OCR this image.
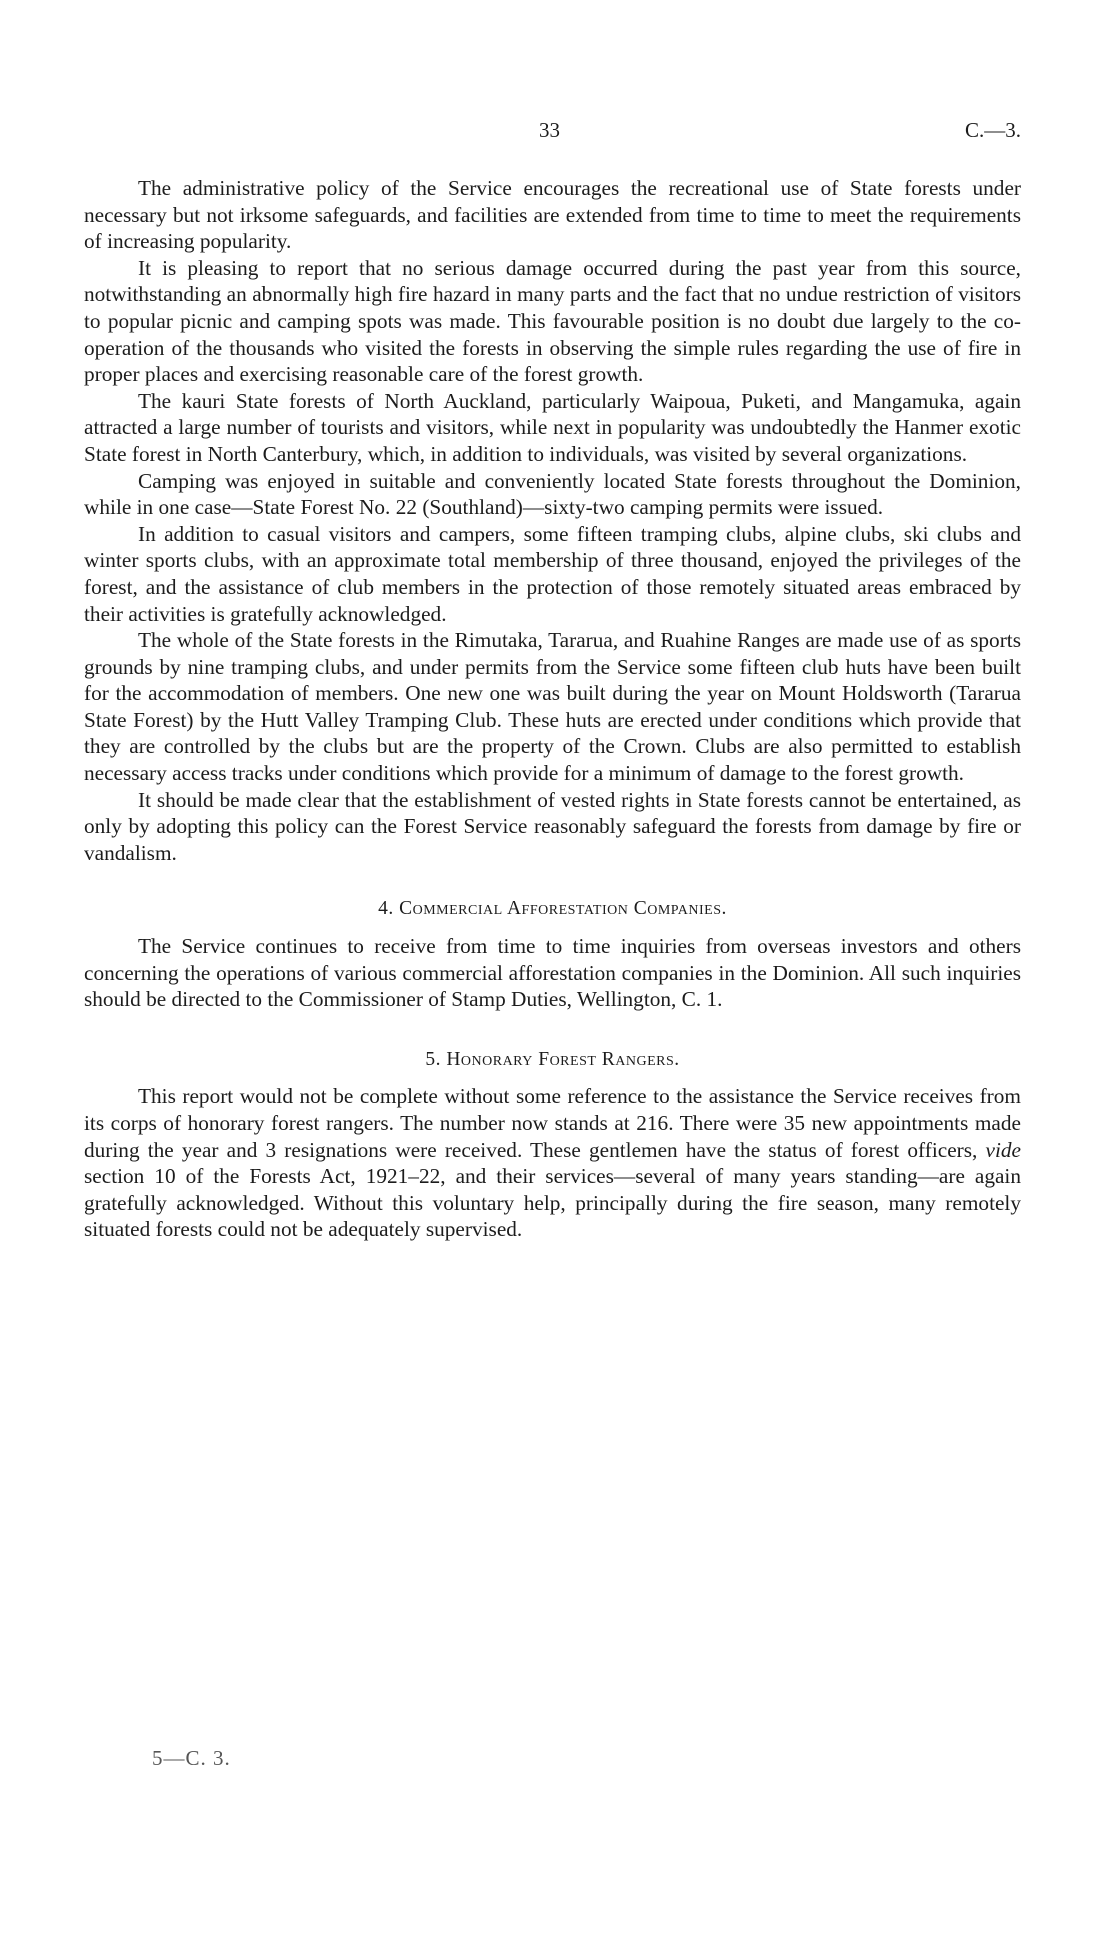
33	C.—3.

The administrative policy of the Service encourages the recreational use of State forests under necessary but not irksome safeguards, and facilities are extended from time to time to meet the requirements of increasing popularity.

It is pleasing to report that no serious damage occurred during the past year from this source, notwithstanding an abnormally high fire hazard in many parts and the fact that no undue restriction of visitors to popular picnic and camping spots was made. This favourable position is no doubt due largely to the co-operation of the thousands who visited the forests in observing the simple rules regarding the use of fire in proper places and exercising reasonable care of the forest growth.

The kauri State forests of North Auckland, particularly Waipoua, Puketi, and Mangamuka, again attracted a large number of tourists and visitors, while next in popularity was undoubtedly the Hanmer exotic State forest in North Canterbury, which, in addition to individuals, was visited by several organizations.

Camping was enjoyed in suitable and conveniently located State forests throughout the Dominion, while in one case—State Forest No. 22 (Southland)—sixty-two camping permits were issued.

In addition to casual visitors and campers, some fifteen tramping clubs, alpine clubs, ski clubs and winter sports clubs, with an approximate total membership of three thousand, enjoyed the privileges of the forest, and the assistance of club members in the protection of those remotely situated areas embraced by their activities is gratefully acknowledged.

The whole of the State forests in the Rimutaka, Tararua, and Ruahine Ranges are made use of as sports grounds by nine tramping clubs, and under permits from the Service some fifteen club huts have been built for the accommodation of members. One new one was built during the year on Mount Holdsworth (Tararua State Forest) by the Hutt Valley Tramping Club. These huts are erected under conditions which provide that they are controlled by the clubs but are the property of the Crown. Clubs are also permitted to establish necessary access tracks under conditions which provide for a minimum of damage to the forest growth.

It should be made clear that the establishment of vested rights in State forests cannot be entertained, as only by adopting this policy can the Forest Service reasonably safeguard the forests from damage by fire or vandalism.

4. Commercial Afforestation Companies.

The Service continues to receive from time to time inquiries from overseas investors and others concerning the operations of various commercial afforestation companies in the Dominion. All such inquiries should be directed to the Commissioner of Stamp Duties, Wellington, C. 1.

5. Honorary Forest Rangers.

This report would not be complete without some reference to the assistance the Service receives from its corps of honorary forest rangers. The number now stands at 216. There were 35 new appointments made during the year and 3 resignations were received. These gentlemen have the status of forest officers, vide section 10 of the Forests Act, 1921–22, and their services—several of many years standing—are again gratefully acknowledged. Without this voluntary help, principally during the fire season, many remotely situated forests could not be adequately supervised.

5—C. 3.
